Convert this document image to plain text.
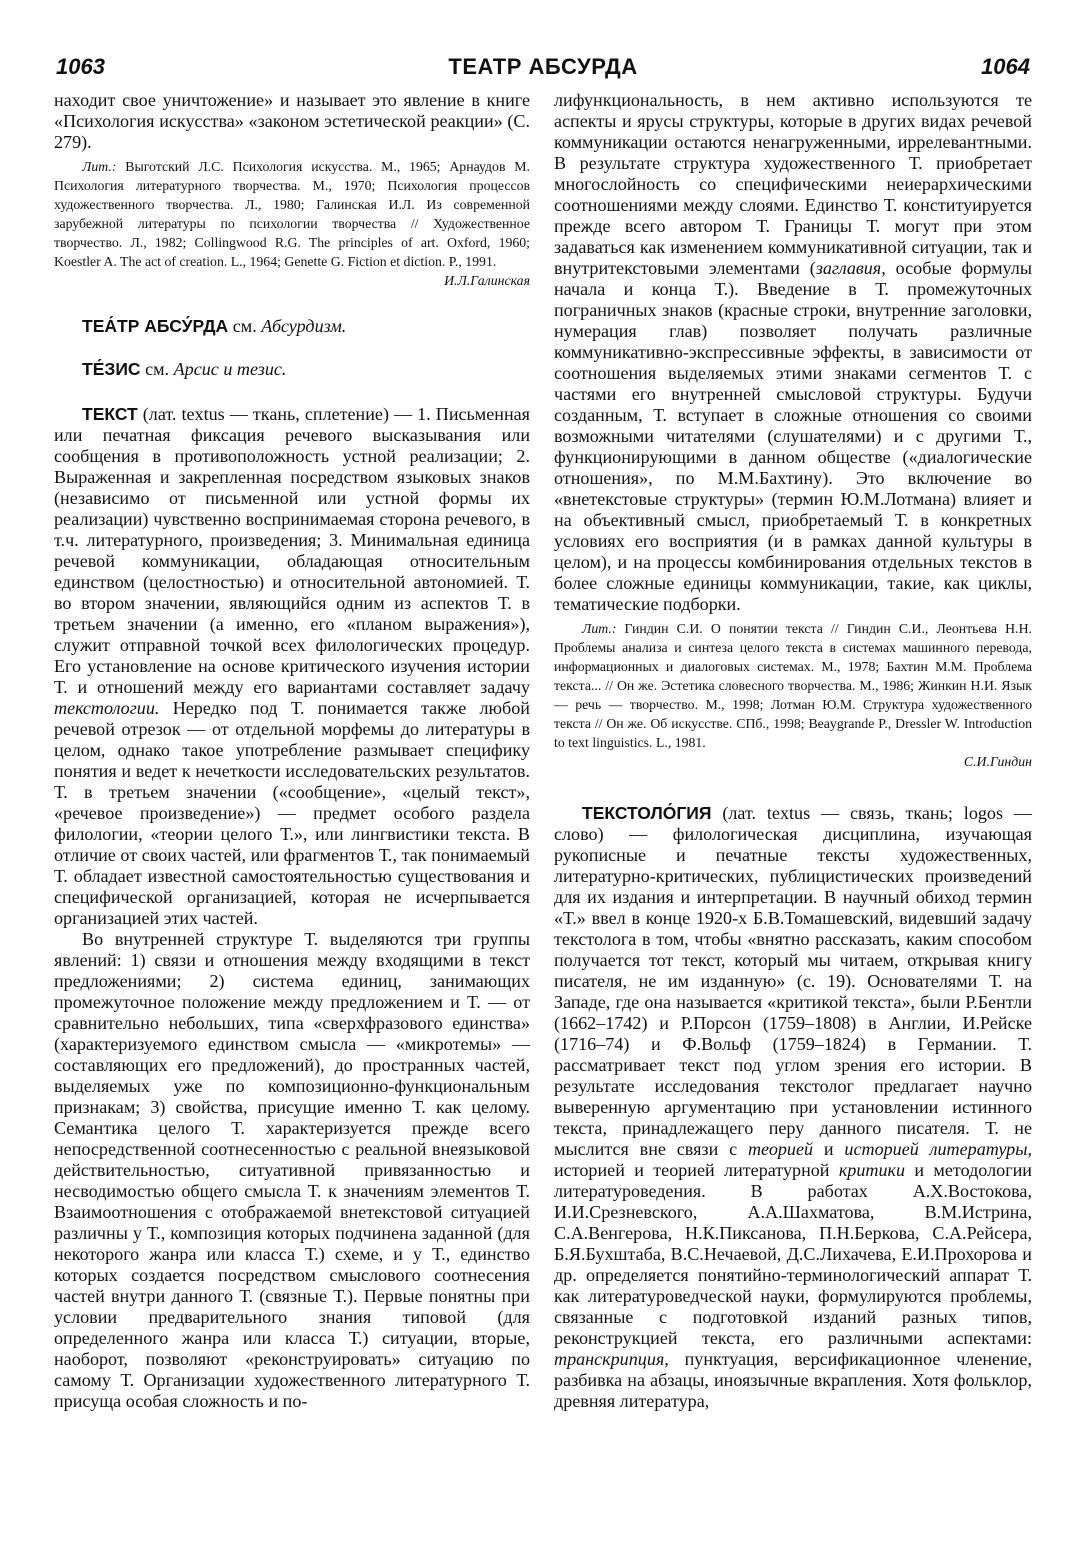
1063	ТЕАТР АБСУРДА	1064

находит свое уничтожение» и называет это явление в книге «Психология искусства» «законом эстетической реакции» (С. 279).

Лит.: Выготский Л.С. Психология искусства. М., 1965; Арнаудов М. Психология литературного творчества. М., 1970; Психология процессов художественного творчества. Л., 1980; Галинская И.Л. Из современной зарубежной литературы по психологии творчества // Художественное творчество. Л., 1982; Collingwood R.G. The principles of art. Oxford, 1960; Koestler A. The act of creation. L., 1964; Genette G. Fiction et diction. P., 1991.

И.Л.Галинская

ТЕА́ТР АБСУ́РДА см. Абсурдизм.

ТЕ́ЗИС см. Арсис и тезис.

ТЕКСТ (лат. textus — ткань, сплетение) — 1. Письменная или печатная фиксация речевого высказывания или сообщения в противоположность устной реализации; 2. Выраженная и закрепленная посредством языковых знаков (независимо от письменной или устной формы их реализации) чувственно воспринимаемая сторона речевого, в т.ч. литературного, произведения; 3. Минимальная единица речевой коммуникации, обладающая относительным единством (целостностью) и относительной автономией. Т. во втором значении, являющийся одним из аспектов Т. в третьем значении (а именно, его «планом выражения»), служит отправной точкой всех филологических процедур. Его установление на основе критического изучения истории Т. и отношений между его вариантами составляет задачу текстологии. Нередко под Т. понимается также любой речевой отрезок — от отдельной морфемы до литературы в целом, однако такое употребление размывает специфику понятия и ведет к нечеткости исследовательских результатов. Т. в третьем значении («сообщение», «целый текст», «речевое произведение») — предмет особого раздела филологии, «теории целого Т.», или лингвистики текста. В отличие от своих частей, или фрагментов Т., так понимаемый Т. обладает известной самостоятельностью существования и специфической организацией, которая не исчерпывается организацией этих частей.

Во внутренней структуре Т. выделяются три группы явлений: 1) связи и отношения между входящими в текст предложениями; 2) система единиц, занимающих промежуточное положение между предложением и Т. — от сравнительно небольших, типа «сверхфразового единства» (характеризуемого единством смысла — «микротемы» — составляющих его предложений), до пространных частей, выделяемых уже по композиционно-функциональным признакам; 3) свойства, присущие именно Т. как целому. Семантика целого Т. характеризуется прежде всего непосредственной соотнесенностью с реальной внеязыковой действительностью, ситуативной привязанностью и несводимостью общего смысла Т. к значениям элементов Т. Взаимоотношения с отображаемой внетекстовой ситуацией различны у Т., композиция которых подчинена заданной (для некоторого жанра или класса Т.) схеме, и у Т., единство которых создается посредством смыслового соотнесения частей внутри данного Т. (связные Т.). Первые понятны при условии предварительного знания типовой (для определенного жанра или класса Т.) ситуации, вторые, наоборот, позволяют «реконструировать» ситуацию по самому Т. Организации художественного литературного Т. присуща особая сложность и по-

лифункциональность, в нем активно используются те аспекты и ярусы структуры, которые в других видах речевой коммуникации остаются ненагруженными, иррелевантными. В результате структура художественного Т. приобретает многослойность со специфическими неиерархическими соотношениями между слоями. Единство Т. конституируется прежде всего автором Т. Границы Т. могут при этом задаваться как изменением коммуникативной ситуации, так и внутритекстовыми элементами (заглавия, особые формулы начала и конца Т.). Введение в Т. промежуточных пограничных знаков (красные строки, внутренние заголовки, нумерация глав) позволяет получать различные коммуникативно-экспрессивные эффекты, в зависимости от соотношения выделяемых этими знаками сегментов Т. с частями его внутренней смысловой структуры. Будучи созданным, Т. вступает в сложные отношения со своими возможными читателями (слушателями) и с другими Т., функционирующими в данном обществе («диалогические отношения», по М.М.Бахтину). Это включение во «внетекстовые структуры» (термин Ю.М.Лотмана) влияет и на объективный смысл, приобретаемый Т. в конкретных условиях его восприятия (и в рамках данной культуры в целом), и на процессы комбинирования отдельных текстов в более сложные единицы коммуникации, такие, как циклы, тематические подборки.

Лит.: Гиндин С.И. О понятии текста // Гиндин С.И., Леонтьева Н.Н. Проблемы анализа и синтеза целого текста в системах машинного перевода, информационных и диалоговых системах. М., 1978; Бахтин М.М. Проблема текста... // Он же. Эстетика словесного творчества. М., 1986; Жинкин Н.И. Язык — речь — творчество. М., 1998; Лотман Ю.М. Структура художественного текста // Он же. Об искусстве. СПб., 1998; Beaygrande P., Dressler W. Introduction to text linguistics. L., 1981.

С.И.Гиндин

ТЕКСТОЛО́ГИЯ (лат. textus — связь, ткань; logos — слово) — филологическая дисциплина, изучающая рукописные и печатные тексты художественных, литературно-критических, публицистических произведений для их издания и интерпретации. В научный обиход термин «Т.» ввел в конце 1920-х Б.В.Томашевский, видевший задачу текстолога в том, чтобы «внятно рассказать, каким способом получается тот текст, который мы читаем, открывая книгу писателя, не им изданную» (с. 19). Основателями Т. на Западе, где она называется «критикой текста», были Р.Бентли (1662–1742) и Р.Порсон (1759–1808) в Англии, И.Рейске (1716–74) и Ф.Вольф (1759–1824) в Германии. Т. рассматривает текст под углом зрения его истории. В результате исследования текстолог предлагает научно выверенную аргументацию при установлении истинного текста, принадлежащего перу данного писателя. Т. не мыслится вне связи с теорией и историей литературы, историей и теорией литературной критики и методологии литературоведения. В работах А.Х.Востокова, И.И.Срезневского, А.А.Шахматова, В.М.Истрина, С.А.Венгерова, Н.К.Пиксанова, П.Н.Беркова, С.А.Рейсера, Б.Я.Бухштаба, В.С.Нечаевой, Д.С.Лихачева, Е.И.Прохорова и др. определяется понятийно-терминологический аппарат Т. как литературоведческой науки, формулируются проблемы, связанные с подготовкой изданий разных типов, реконструкцией текста, его различными аспектами: транскрипция, пунктуация, версификационное членение, разбивка на абзацы, иноязычные вкрапления. Хотя фольклор, древняя литература,
